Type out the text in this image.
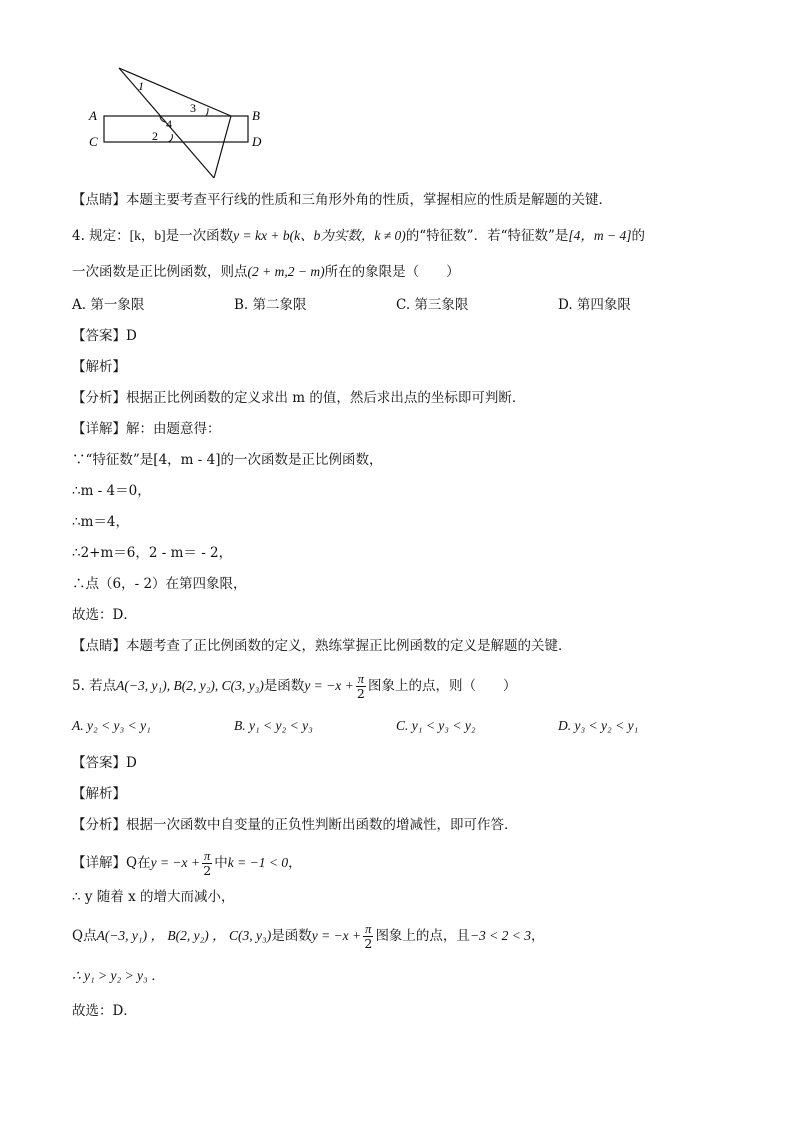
1
3
4
2
A
C
B
D
【点睛】本题主要考查平行线的性质和三角形外角的性质，掌握相应的性质是解题的关键．
4. 规定：[k，b]是一次函数y = kx + b(k、b为实数，k ≠ 0)的“特征数”．若“特征数”是[4，m − 4]的
一次函数是正比例函数，则点(2 + m,2 − m)所在的象限是（　　）
A. 第一象限	B. 第二象限	C. 第三象限	D. 第四象限
【答案】D
【解析】
【分析】根据正比例函数的定义求出 m 的值，然后求出点的坐标即可判断．
【详解】解：由题意得：
∵“特征数”是[4，m - 4]的一次函数是正比例函数，
∴m - 4＝0，
∴m＝4，
∴2+m＝6，2 - m＝ - 2，
∴点（6，- 2）在第四象限，
故选：D．
【点睛】本题考查了正比例函数的定义，熟练掌握正比例函数的定义是解题的关键．
5. 若点A(−3, y₁), B(2, y₂), C(3, y₃)是函数$y = -x + \frac{\pi}{2}$ 图象上的点，则（　　）
A. y₂ < y₃ < y₁	B. y₁ < y₂ < y₃	C. y₁ < y₃ < y₂	D. y₃ < y₂ < y₁
【答案】D
【解析】
【分析】根据一次函数中自变量的正负性判断出函数的增减性，即可作答．
【详解】Q在$y = -x + \frac{\pi}{2}$ 中k = −1 < 0，
∴ y 随着 x 的增大而减小，
Q点A(−3, y₁) ， B(2, y₂) ， C(3, y₃)是函数$y = -x + \frac{\pi}{2}$ 图象上的点，且−3 < 2 < 3，
∴ y₁ > y₂ > y₃ ．
故选：D．
